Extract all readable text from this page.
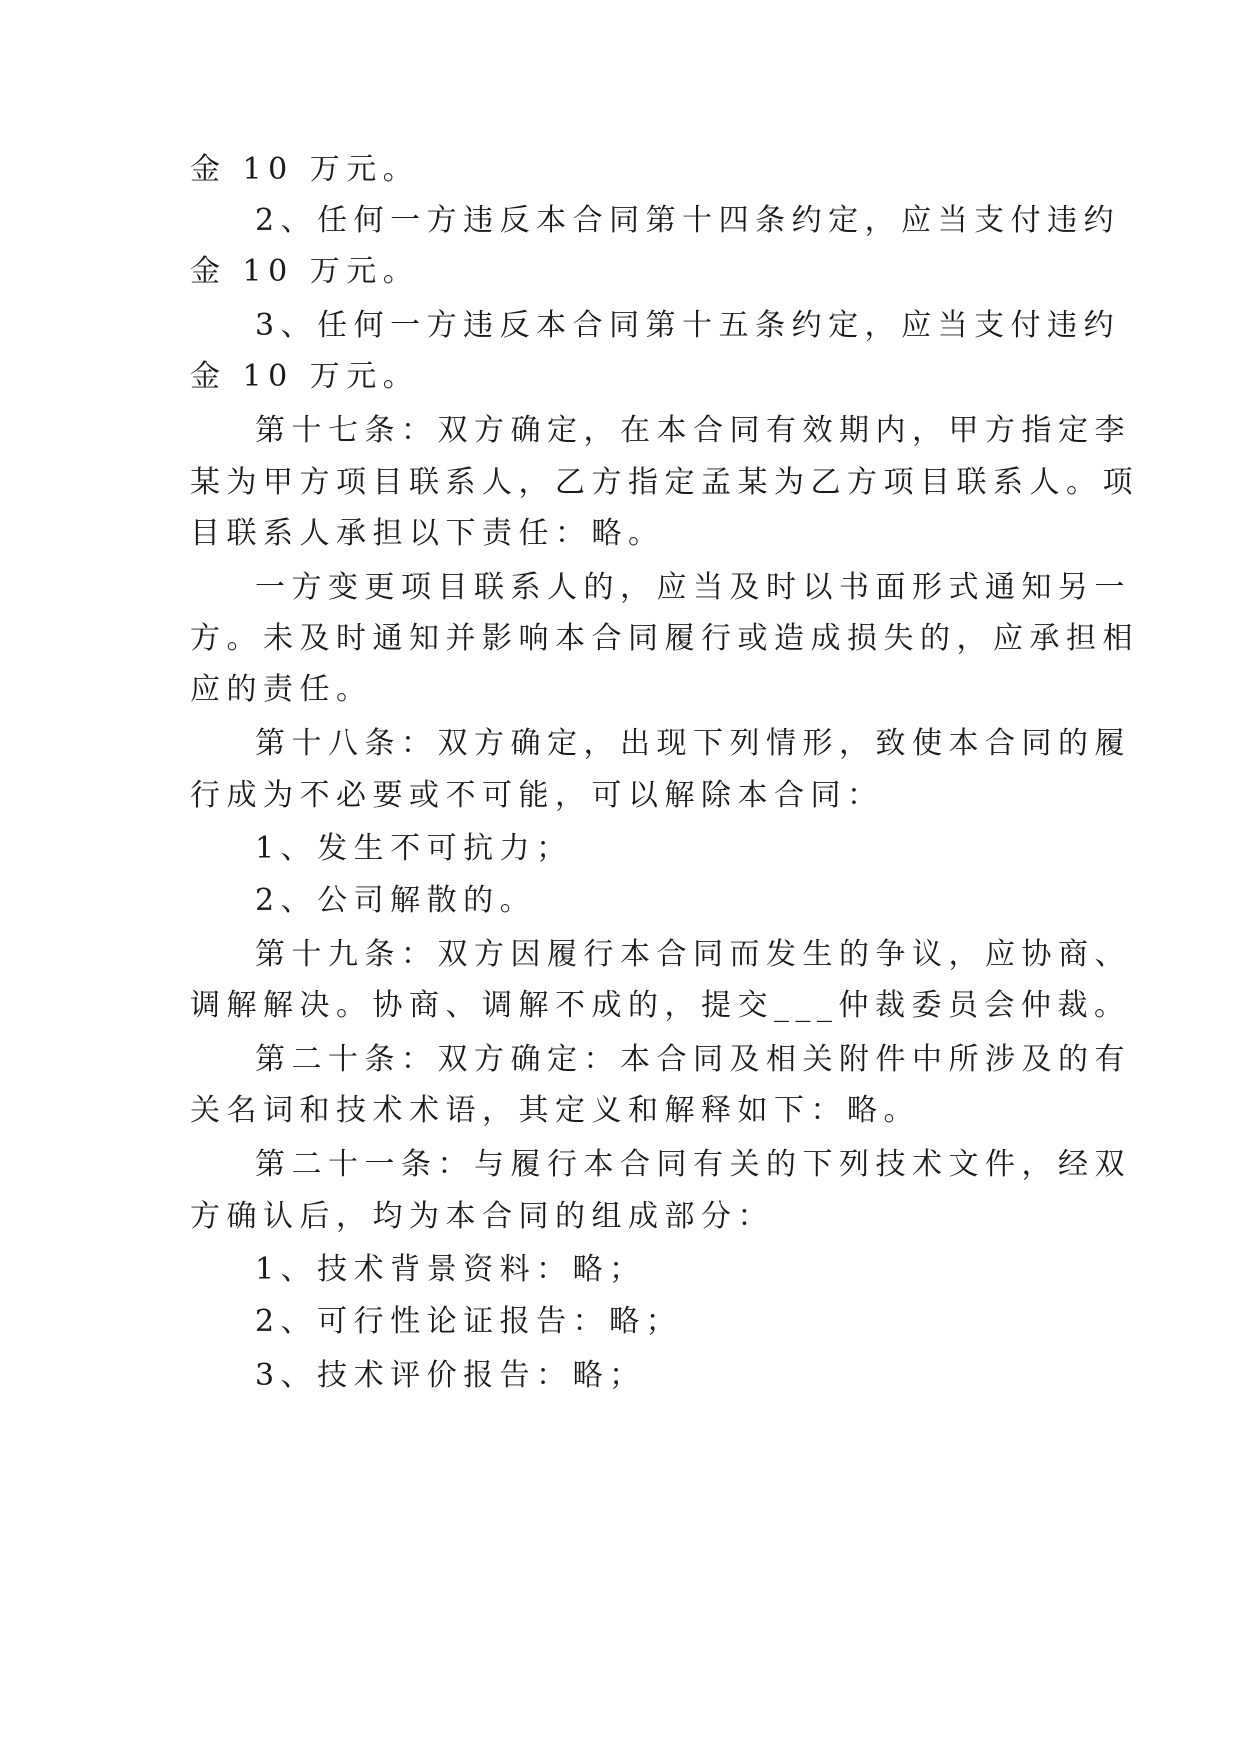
金 10 万元。
2、任何一方违反本合同第十四条约定，应当支付违约
金 10 万元。
3、任何一方违反本合同第十五条约定，应当支付违约
金 10 万元。
第十七条：双方确定，在本合同有效期内，甲方指定李
某为甲方项目联系人，乙方指定孟某为乙方项目联系人。项
目联系人承担以下责任：略。
一方变更项目联系人的，应当及时以书面形式通知另一
方。未及时通知并影响本合同履行或造成损失的，应承担相
应的责任。
第十八条：双方确定，出现下列情形，致使本合同的履
行成为不必要或不可能，可以解除本合同：
1、发生不可抗力；
2、公司解散的。
第十九条：双方因履行本合同而发生的争议，应协商、
调解解决。协商、调解不成的，提交___仲裁委员会仲裁。
第二十条：双方确定：本合同及相关附件中所涉及的有
关名词和技术术语，其定义和解释如下：略。
第二十一条：与履行本合同有关的下列技术文件，经双
方确认后，均为本合同的组成部分：
1、技术背景资料：略；
2、可行性论证报告：略；
3、技术评价报告：略；
